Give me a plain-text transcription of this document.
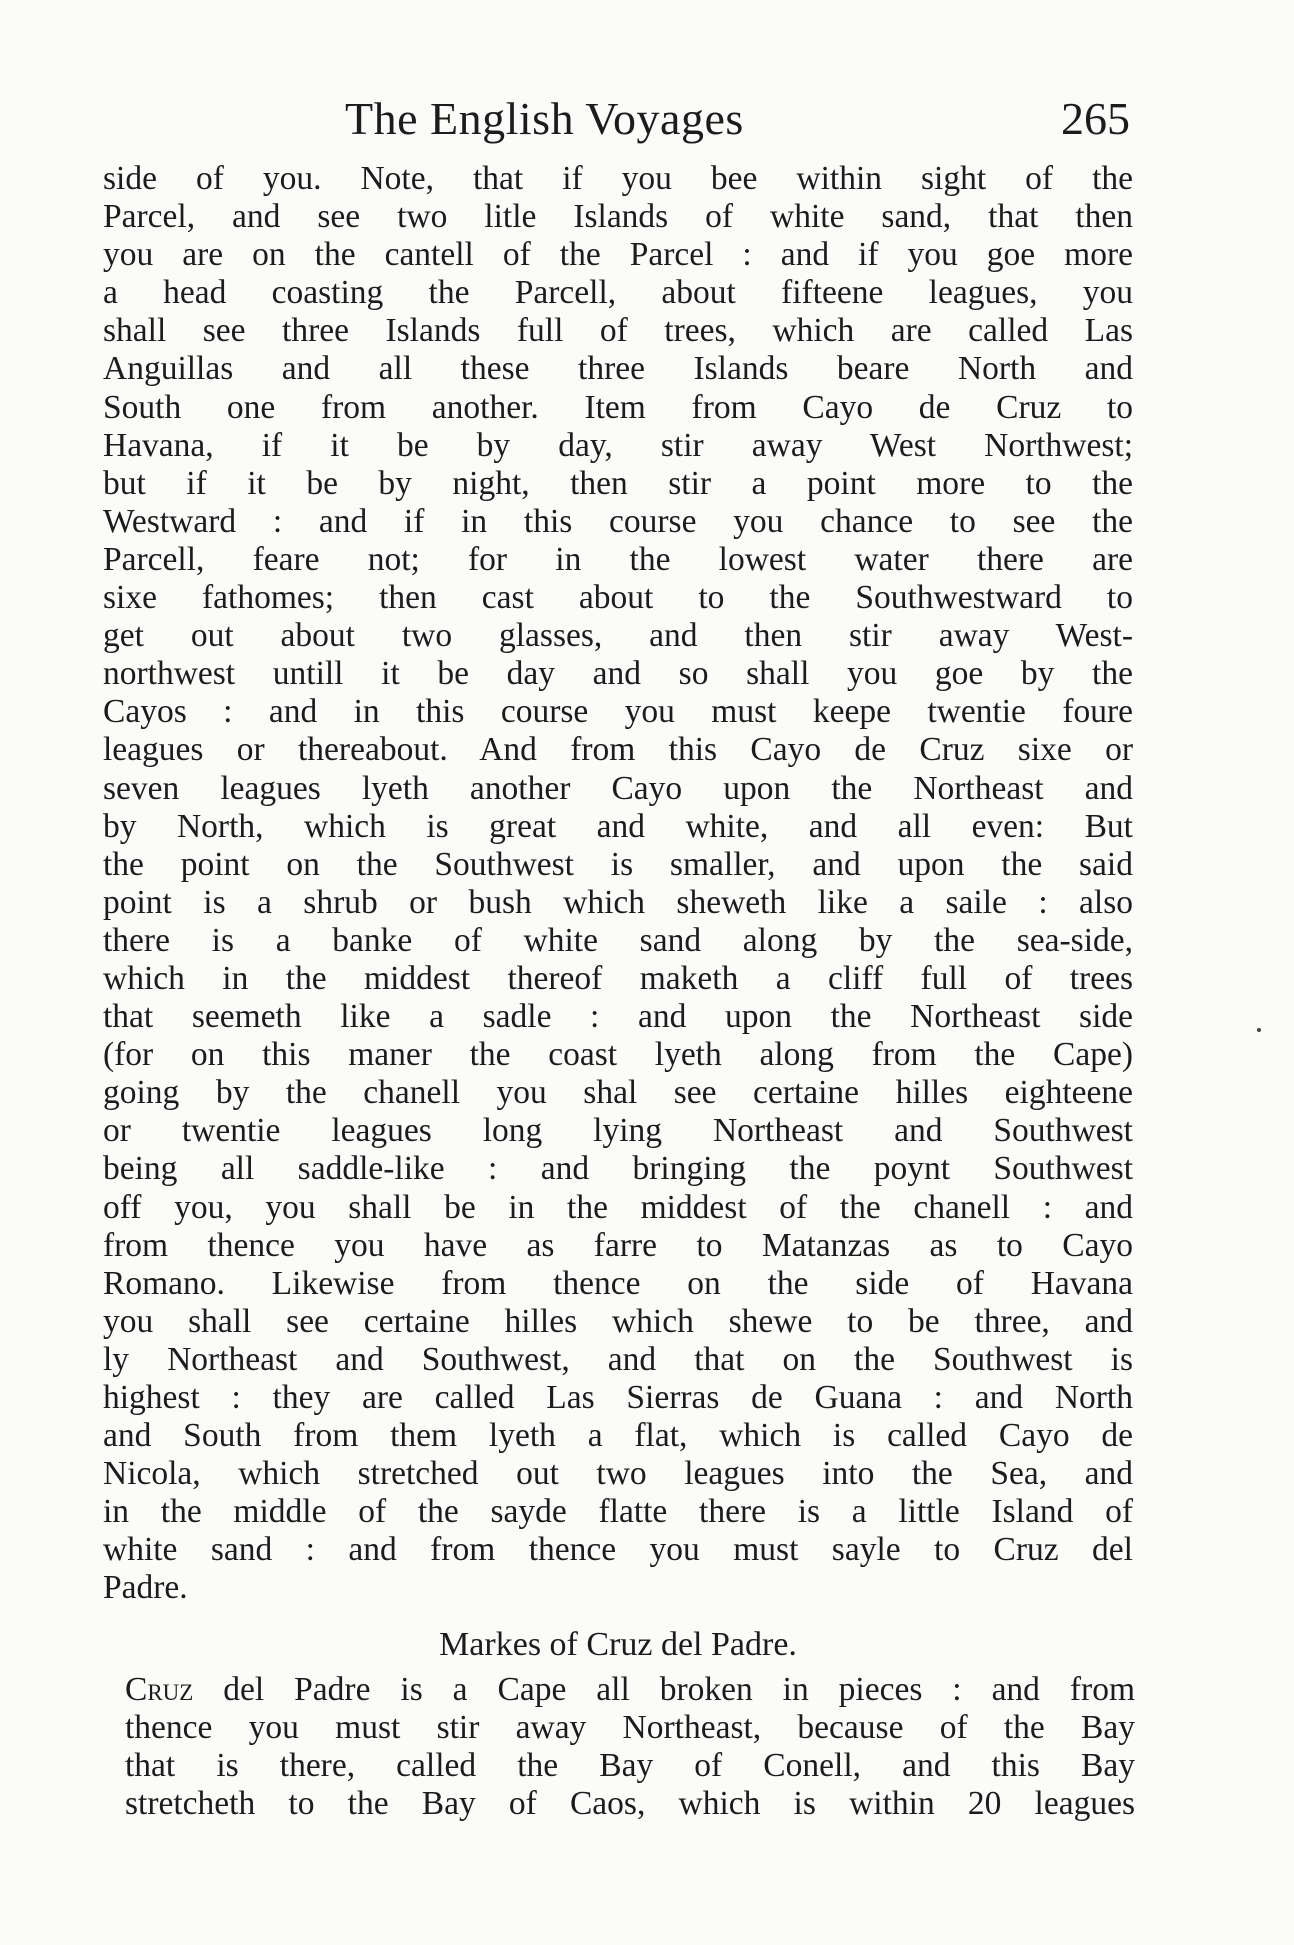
The English Voyages	265
side of you. Note, that if you bee within sight of the
Parcel, and see two litle Islands of white sand, that then
you are on the cantell of the Parcel : and if you goe more
a head coasting the Parcell, about fifteene leagues, you
shall see three Islands full of trees, which are called Las
Anguillas and all these three Islands beare North and
South one from another. Item from Cayo de Cruz to
Havana, if it be by day, stir away West Northwest;
but if it be by night, then stir a point more to the
Westward : and if in this course you chance to see the
Parcell, feare not; for in the lowest water there are
sixe fathomes; then cast about to the Southwestward to
get out about two glasses, and then stir away West-
northwest untill it be day and so shall you goe by the
Cayos : and in this course you must keepe twentie foure
leagues or thereabout. And from this Cayo de Cruz sixe or
seven leagues lyeth another Cayo upon the Northeast and
by North, which is great and white, and all even: But
the point on the Southwest is smaller, and upon the said
point is a shrub or bush which sheweth like a saile : also
there is a banke of white sand along by the sea-side,
which in the middest thereof maketh a cliff full of trees
that seemeth like a sadle : and upon the Northeast side
(for on this maner the coast lyeth along from the Cape)
going by the chanell you shal see certaine hilles eighteene
or twentie leagues long lying Northeast and Southwest
being all saddle-like : and bringing the poynt Southwest
off you, you shall be in the middest of the chanell : and
from thence you have as farre to Matanzas as to Cayo
Romano. Likewise from thence on the side of Havana
you shall see certaine hilles which shewe to be three, and
ly Northeast and Southwest, and that on the Southwest is
highest : they are called Las Sierras de Guana : and North
and South from them lyeth a flat, which is called Cayo de
Nicola, which stretched out two leagues into the Sea, and
in the middle of the sayde flatte there is a little Island of
white sand : and from thence you must sayle to Cruz del
Padre.
Markes of Cruz del Padre.
Cruz del Padre is a Cape all broken in pieces : and from
thence you must stir away Northeast, because of the Bay
that is there, called the Bay of Conell, and this Bay
stretcheth to the Bay of Caos, which is within 20 leagues
